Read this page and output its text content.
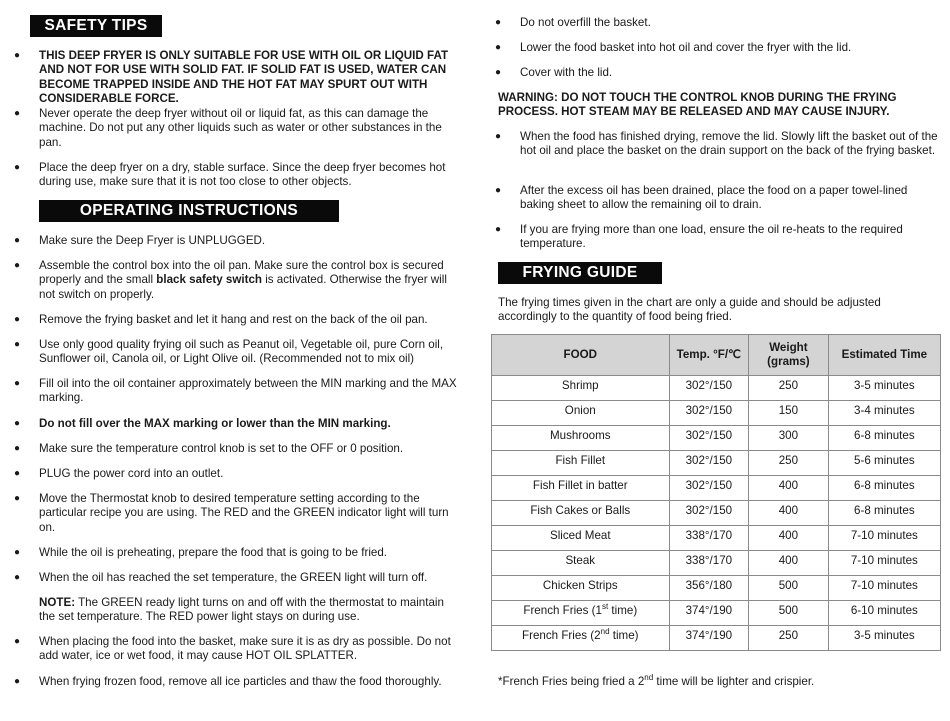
SAFETY TIPS
● THIS DEEP FRYER IS ONLY SUITABLE FOR USE WITH OIL OR LIQUID FAT AND NOT FOR USE WITH SOLID FAT. IF SOLID FAT IS USED, WATER CAN BECOME TRAPPED INSIDE AND THE HOT FAT MAY SPURT OUT WITH CONSIDERABLE FORCE.
● Never operate the deep fryer without oil or liquid fat, as this can damage the machine. Do not put any other liquids such as water or other substances in the pan.
● Place the deep fryer on a dry, stable surface. Since the deep fryer becomes hot during use, make sure that it is not too close to other objects.
OPERATING INSTRUCTIONS
● Make sure the Deep Fryer is UNPLUGGED.
● Assemble the control box into the oil pan. Make sure the control box is secured properly and the small black safety switch is activated. Otherwise the fryer will not switch on properly.
● Remove the frying basket and let it hang and rest on the back of the oil pan.
● Use only good quality frying oil such as Peanut oil, Vegetable oil, pure Corn oil, Sunflower oil, Canola oil, or Light Olive oil. (Recommended not to mix oil)
● Fill oil into the oil container approximately between the MIN marking and the MAX marking.
● Do not fill over the MAX marking or lower than the MIN marking.
● Make sure the temperature control knob is set to the OFF or 0 position.
● PLUG the power cord into an outlet.
● Move the Thermostat knob to desired temperature setting according to the particular recipe you are using. The RED and the GREEN indicator light will turn on.
● While the oil is preheating, prepare the food that is going to be fried.
● When the oil has reached the set temperature, the GREEN light will turn off.
NOTE: The GREEN ready light turns on and off with the thermostat to maintain the set temperature. The RED power light stays on during use.
● When placing the food into the basket, make sure it is as dry as possible. Do not add water, ice or wet food, it may cause HOT OIL SPLATTER.
● When frying frozen food, remove all ice particles and thaw the food thoroughly.
● Do not overfill the basket.
● Lower the food basket into hot oil and cover the fryer with the lid.
● Cover with the lid.
WARNING: DO NOT TOUCH THE CONTROL KNOB DURING THE FRYING PROCESS. HOT STEAM MAY BE RELEASED AND MAY CAUSE INJURY.
● When the food has finished drying, remove the lid. Slowly lift the basket out of the hot oil and place the basket on the drain support on the back of the frying basket.
● After the excess oil has been drained, place the food on a paper towel-lined baking sheet to allow the remaining oil to drain.
● If you are frying more than one load, ensure the oil re-heats to the required temperature.
FRYING GUIDE
The frying times given in the chart are only a guide and should be adjusted accordingly to the quantity of food being fried.
FOOD	Temp. °F/℃	Weight (grams)	Estimated Time
Shrimp	302°/150	250	3-5 minutes
Onion	302°/150	150	3-4 minutes
Mushrooms	302°/150	300	6-8 minutes
Fish Fillet	302°/150	250	5-6 minutes
Fish Fillet in batter	302°/150	400	6-8 minutes
Fish Cakes or Balls	302°/150	400	6-8 minutes
Sliced Meat	338°/170	400	7-10 minutes
Steak	338°/170	400	7-10 minutes
Chicken Strips	356°/180	500	7-10 minutes
French Fries (1st time)	374°/190	500	6-10 minutes
French Fries (2nd time)	374°/190	250	3-5 minutes
*French Fries being fried a 2nd time will be lighter and crispier.
